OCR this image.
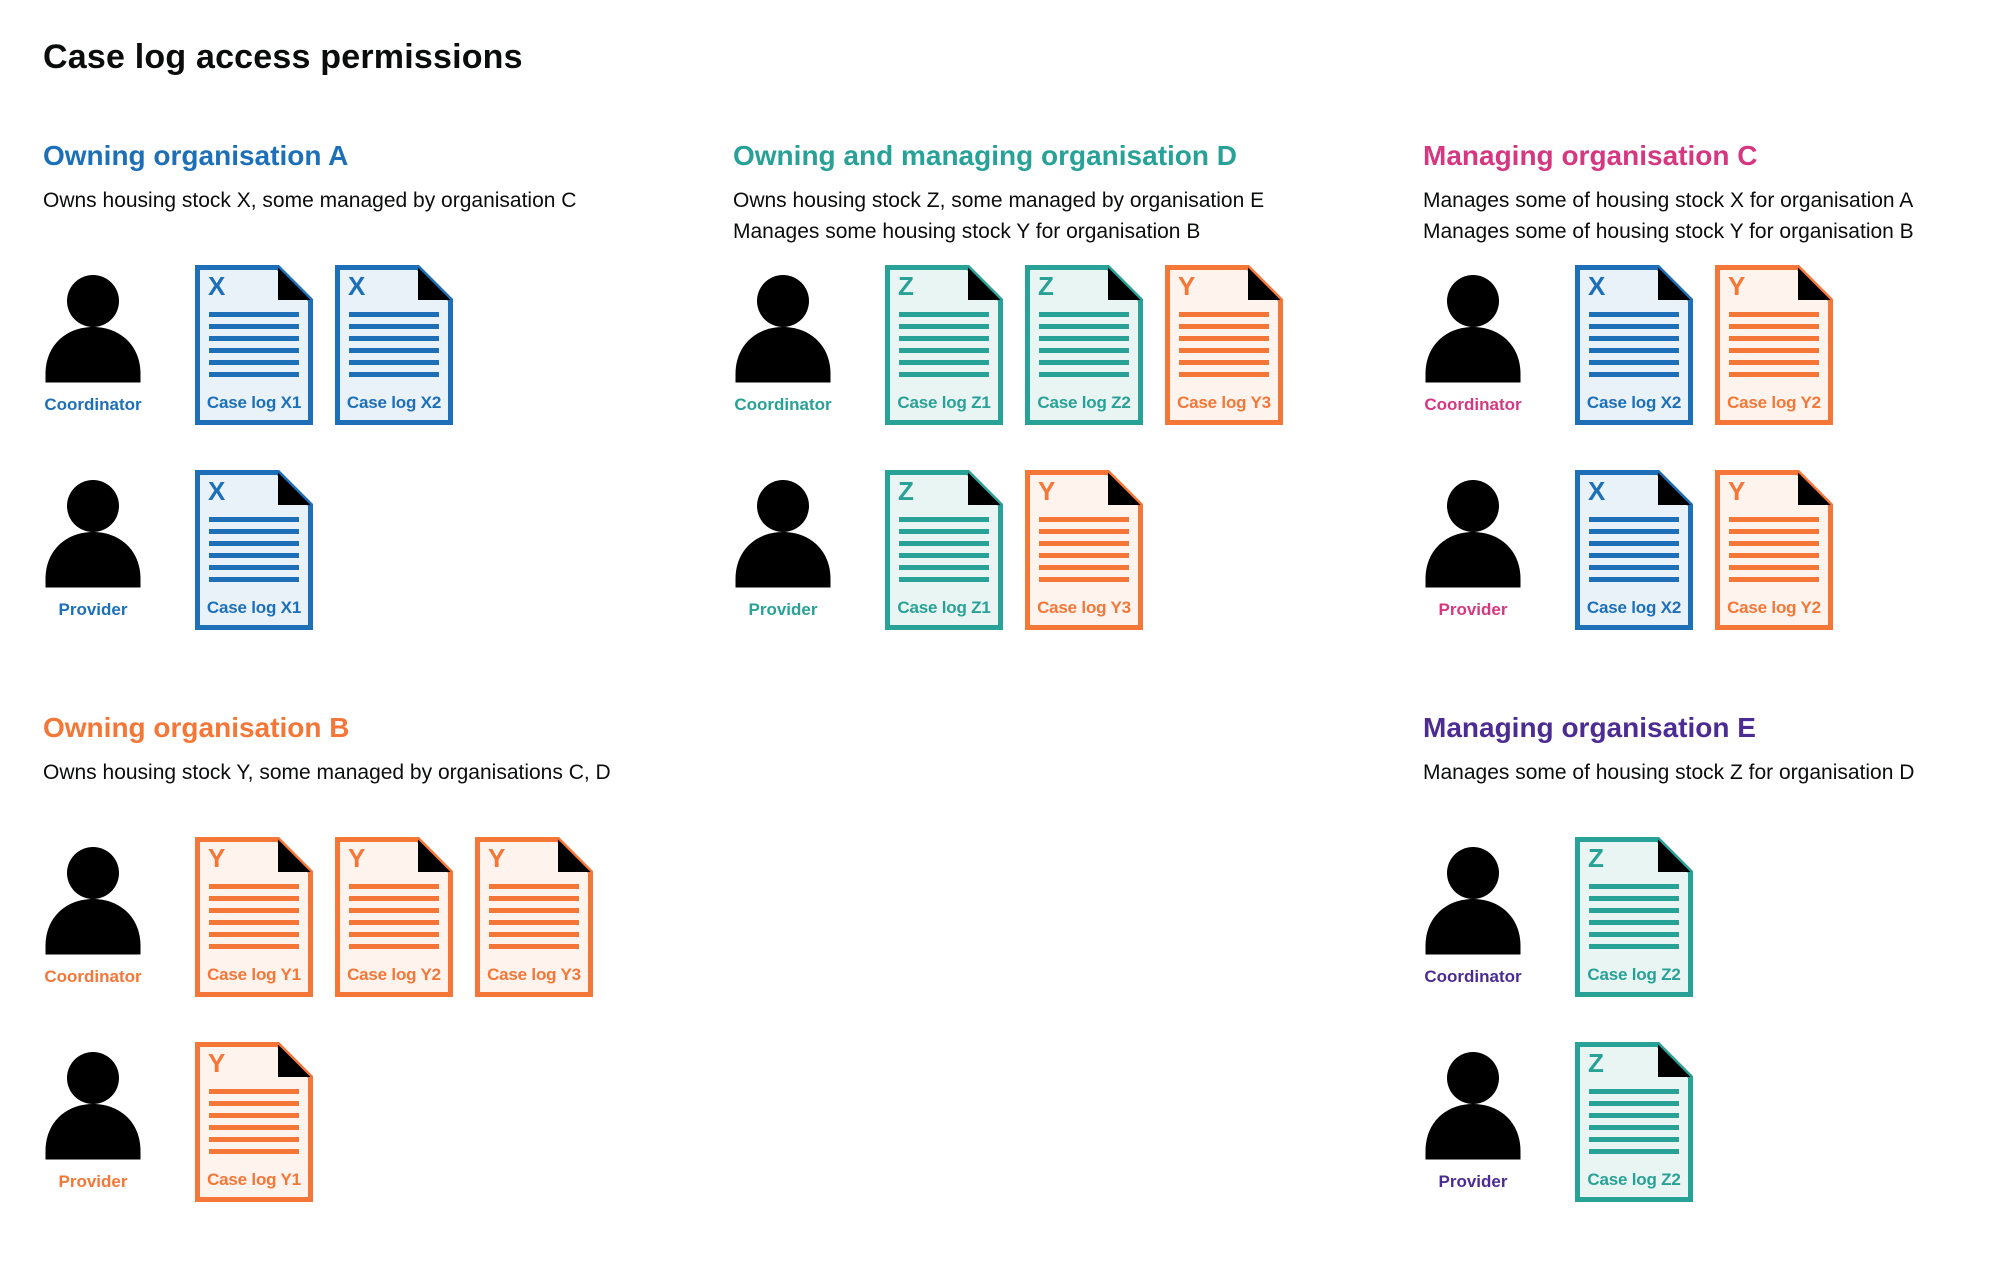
Case log access permissions
Owning organisation A

Owns housing stock X, some managed by organisation C

Coordinator
X
Case log X1
X
Case log X2
Provider
X
Case log X1
Owning and managing organisation D

Owns housing stock Z, some managed by organisation E
Manages some housing stock Y for organisation B

Coordinator
Z
Case log Z1
Z
Case log Z2
Y
Case log Y3
Provider
Z
Case log Z1
Y
Case log Y3
Managing organisation C

Manages some of housing stock X for organisation A
Manages some of housing stock Y for organisation B

Coordinator
X
Case log X2
Y
Case log Y2
Provider
X
Case log X2
Y
Case log Y2
Owning organisation B

Owns housing stock Y, some managed by organisations C, D

Coordinator
Y
Case log Y1
Y
Case log Y2
Y
Case log Y3
Provider
Y
Case log Y1
Managing organisation E

Manages some of housing stock Z for organisation D

Coordinator
Z
Case log Z2
Provider
Z
Case log Z2
